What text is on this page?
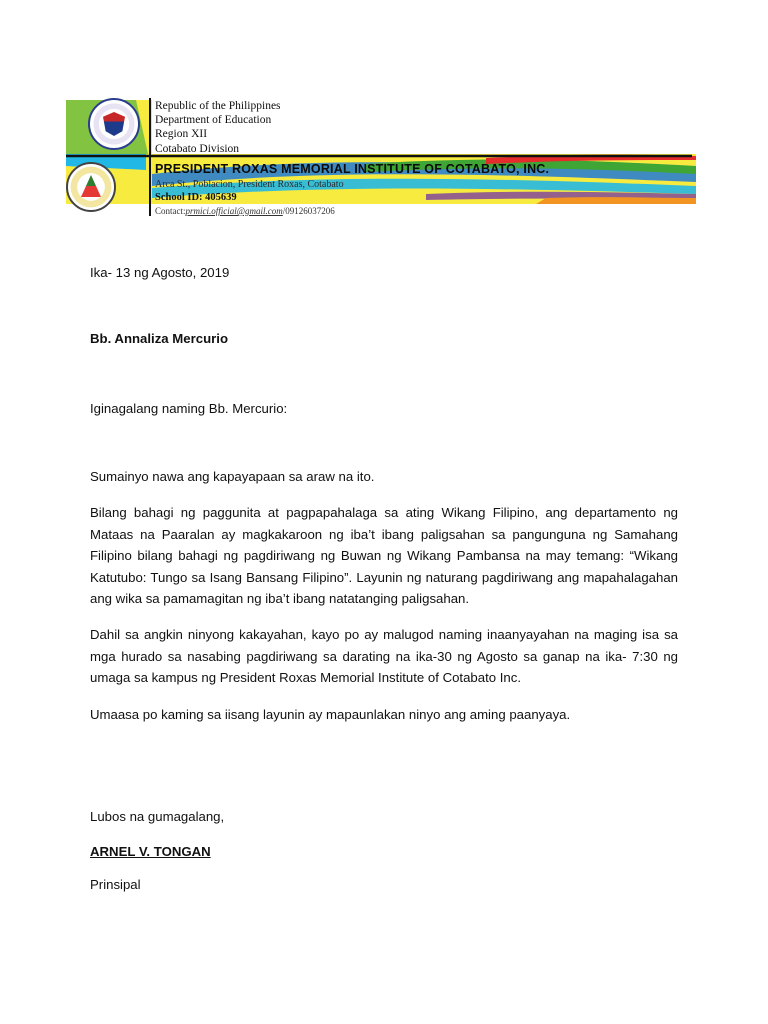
Republic of the Philippines
Department of Education
Region XII
Cotabato Division
PRESIDENT ROXAS MEMORIAL INSTITUTE OF COTABATO, INC.
Arca St., Poblacion, President Roxas, Cotabato
School ID: 405639
Contact:prmici.official@gmail.com/09126037206
Ika- 13 ng Agosto, 2019
Bb. Annaliza Mercurio
Iginagalang naming Bb. Mercurio:
Sumainyo nawa ang kapayapaan sa araw na ito.
Bilang bahagi ng paggunita at pagpapahalaga sa ating Wikang Filipino, ang departamento ng Mataas na Paaralan ay magkakaroon ng iba’t ibang paligsahan sa pangunguna ng Samahang Filipino bilang bahagi ng pagdiriwang ng Buwan ng Wikang Pambansa na may temang: “Wikang Katutubo: Tungo sa Isang Bansang Filipino”. Layunin ng naturang pagdiriwang ang mapahalagahan ang wika sa pamamagitan ng iba’t ibang natatanging paligsahan.
Dahil sa angkin ninyong kakayahan, kayo po ay malugod naming inaanyayahan na maging isa sa mga hurado sa nasabing pagdiriwang sa darating na ika-30 ng Agosto sa ganap na ika- 7:30 ng umaga sa kampus ng President Roxas Memorial Institute of Cotabato Inc.
Umaasa po kaming sa iisang layunin ay mapaunlakan ninyo ang aming paanyaya.
Lubos na gumagalang,
ARNEL V. TONGAN
Prinsipal
